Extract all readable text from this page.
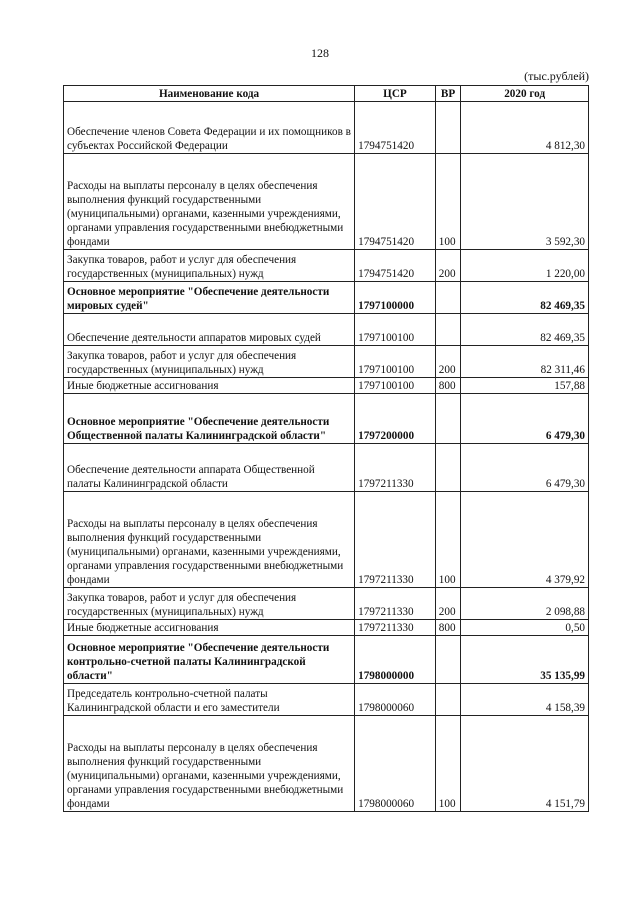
128
(тыс.рублей)
Наименование кода	ЦСР	ВР	2020 год
Обеспечение членов Совета Федерации и их помощников в субъектах Российской Федерации	1794751420		4 812,30
Расходы на выплаты персоналу в целях обеспечения выполнения функций государственными (муниципальными) органами, казенными учреждениями, органами управления государственными внебюджетными фондами	1794751420	100	3 592,30
Закупка товаров, работ и услуг для обеспечения государственных (муниципальных) нужд	1794751420	200	1 220,00
Основное мероприятие "Обеспечение деятельности мировых судей"	1797100000		82 469,35
Обеспечение деятельности аппаратов мировых судей	1797100100		82 469,35
Закупка товаров, работ и услуг для обеспечения государственных (муниципальных) нужд	1797100100	200	82 311,46
Иные бюджетные ассигнования	1797100100	800	157,88
Основное мероприятие "Обеспечение деятельности Общественной палаты Калининградской области"	1797200000		6 479,30
Обеспечение деятельности аппарата Общественной палаты Калининградской области	1797211330		6 479,30
Расходы на выплаты персоналу в целях обеспечения выполнения функций государственными (муниципальными) органами, казенными учреждениями, органами управления государственными внебюджетными фондами	1797211330	100	4 379,92
Закупка товаров, работ и услуг для обеспечения государственных (муниципальных) нужд	1797211330	200	2 098,88
Иные бюджетные ассигнования	1797211330	800	0,50
Основное мероприятие "Обеспечение деятельности контрольно-счетной палаты Калининградской области"	1798000000		35 135,99
Председатель контрольно-счетной палаты Калининградской области и его заместители	1798000060		4 158,39
Расходы на выплаты персоналу в целях обеспечения выполнения функций государственными (муниципальными) органами, казенными учреждениями, органами управления государственными внебюджетными фондами	1798000060	100	4 151,79
